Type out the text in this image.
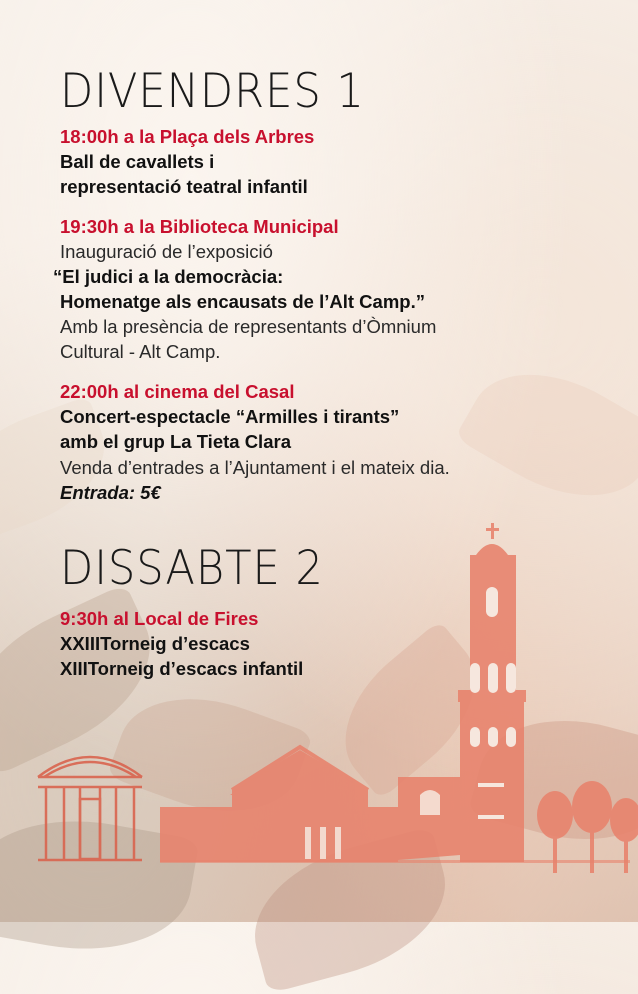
DIVENDRES 1
18:00h a la Plaça dels Arbres
Ball de cavallets i
representació teatral infantil
19:30h a la Biblioteca Municipal
Inauguració de l’exposició
“El judici a la democràcia:
Homenatge als encausats de l’Alt Camp.”
Amb la presència de representants d’Òmnium
Cultural - Alt Camp.
22:00h al cinema del Casal
Concert-espectacle “Armilles i tirants”
amb el grup La Tieta Clara
Venda d’entrades a l’Ajuntament i el mateix dia.
Entrada: 5€
DISSABTE 2
9:30h al Local de Fires
XXIIITorneig d’escacs
XIIITorneig d’escacs infantil
